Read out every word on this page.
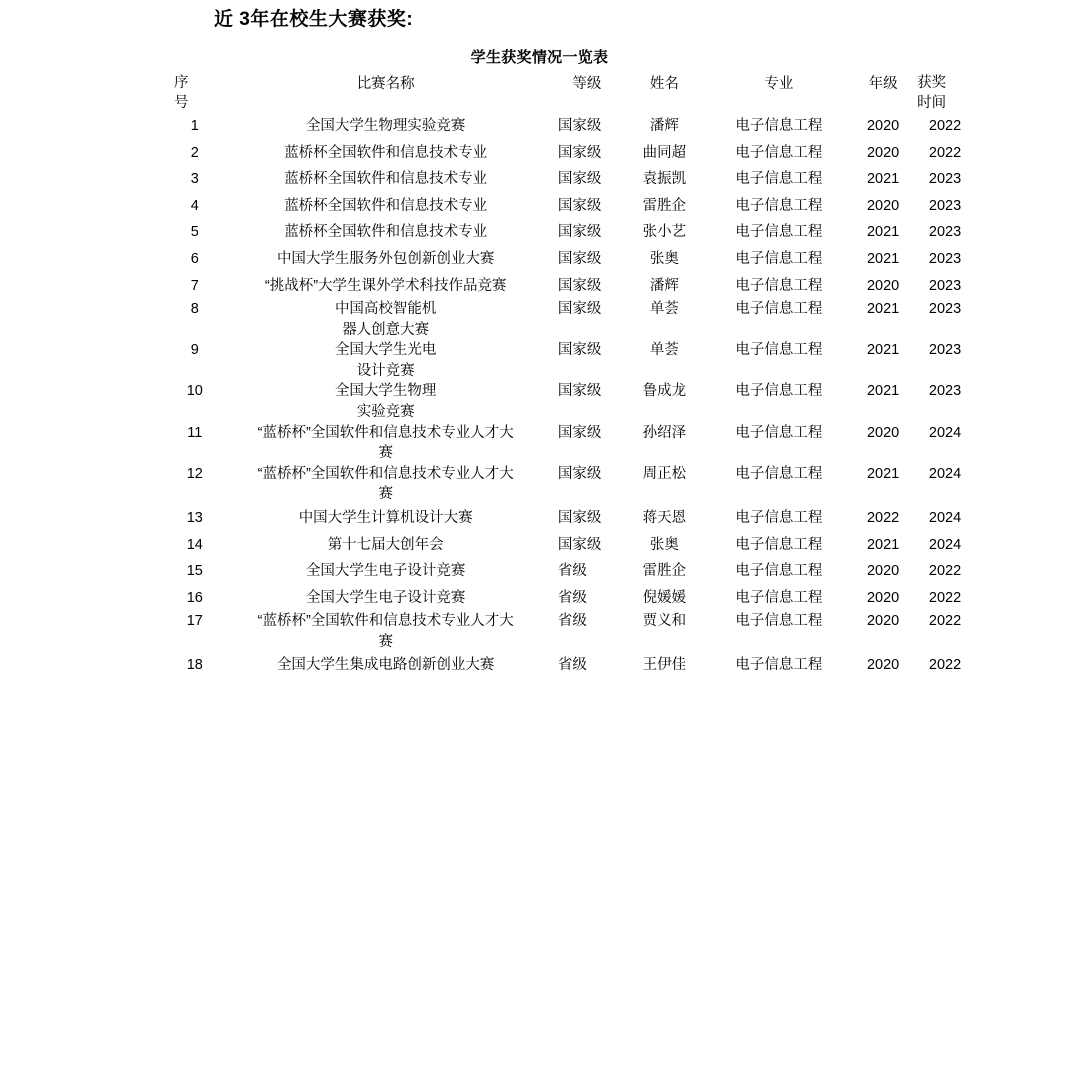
近 3年在校生大赛获奖:
学生获奖情况一览表
序
号	比赛名称	等级	姓名	专业	年级	获奖
时间

1	全国大学生物理实验竞赛	国家级	潘辉	电子信息工程	2020	2022
2	蓝桥杯全国软件和信息技术专业	国家级	曲同超	电子信息工程	2020	2022
3	蓝桥杯全国软件和信息技术专业	国家级	袁振凯	电子信息工程	2021	2023
4	蓝桥杯全国软件和信息技术专业	国家级	雷胜企	电子信息工程	2020	2023
5	蓝桥杯全国软件和信息技术专业	国家级	张小艺	电子信息工程	2021	2023
6	中国大学生服务外包创新创业大赛	国家级	张奥	电子信息工程	2021	2023
7	“挑战杯”大学生课外学术科技作品竞赛	国家级	潘辉	电子信息工程	2020	2023
8	中国高校智能机
器人创意大赛	国家级	单荟	电子信息工程	2021	2023
9	全国大学生光电
设计竞赛	国家级	单荟	电子信息工程	2021	2023
10	全国大学生物理
实验竞赛	国家级	鲁成龙	电子信息工程	2021	2023
11	“蓝桥杯”全国软件和信息技术专业人才大
赛	国家级	孙绍泽	电子信息工程	2020	2024
12	“蓝桥杯”全国软件和信息技术专业人才大
赛	国家级	周正松	电子信息工程	2021	2024
13	中国大学生计算机设计大赛	国家级	蒋天恩	电子信息工程	2022	2024
14	第十七届大创年会	国家级	张奥	电子信息工程	2021	2024
15	全国大学生电子设计竞赛	省级	雷胜企	电子信息工程	2020	2022
16	全国大学生电子设计竞赛	省级	倪媛媛	电子信息工程	2020	2022
17	“蓝桥杯”全国软件和信息技术专业人才大
赛	省级	贾义和	电子信息工程	2020	2022
18	全国大学生集成电路创新创业大赛	省级	王伊佳	电子信息工程	2020	2022
